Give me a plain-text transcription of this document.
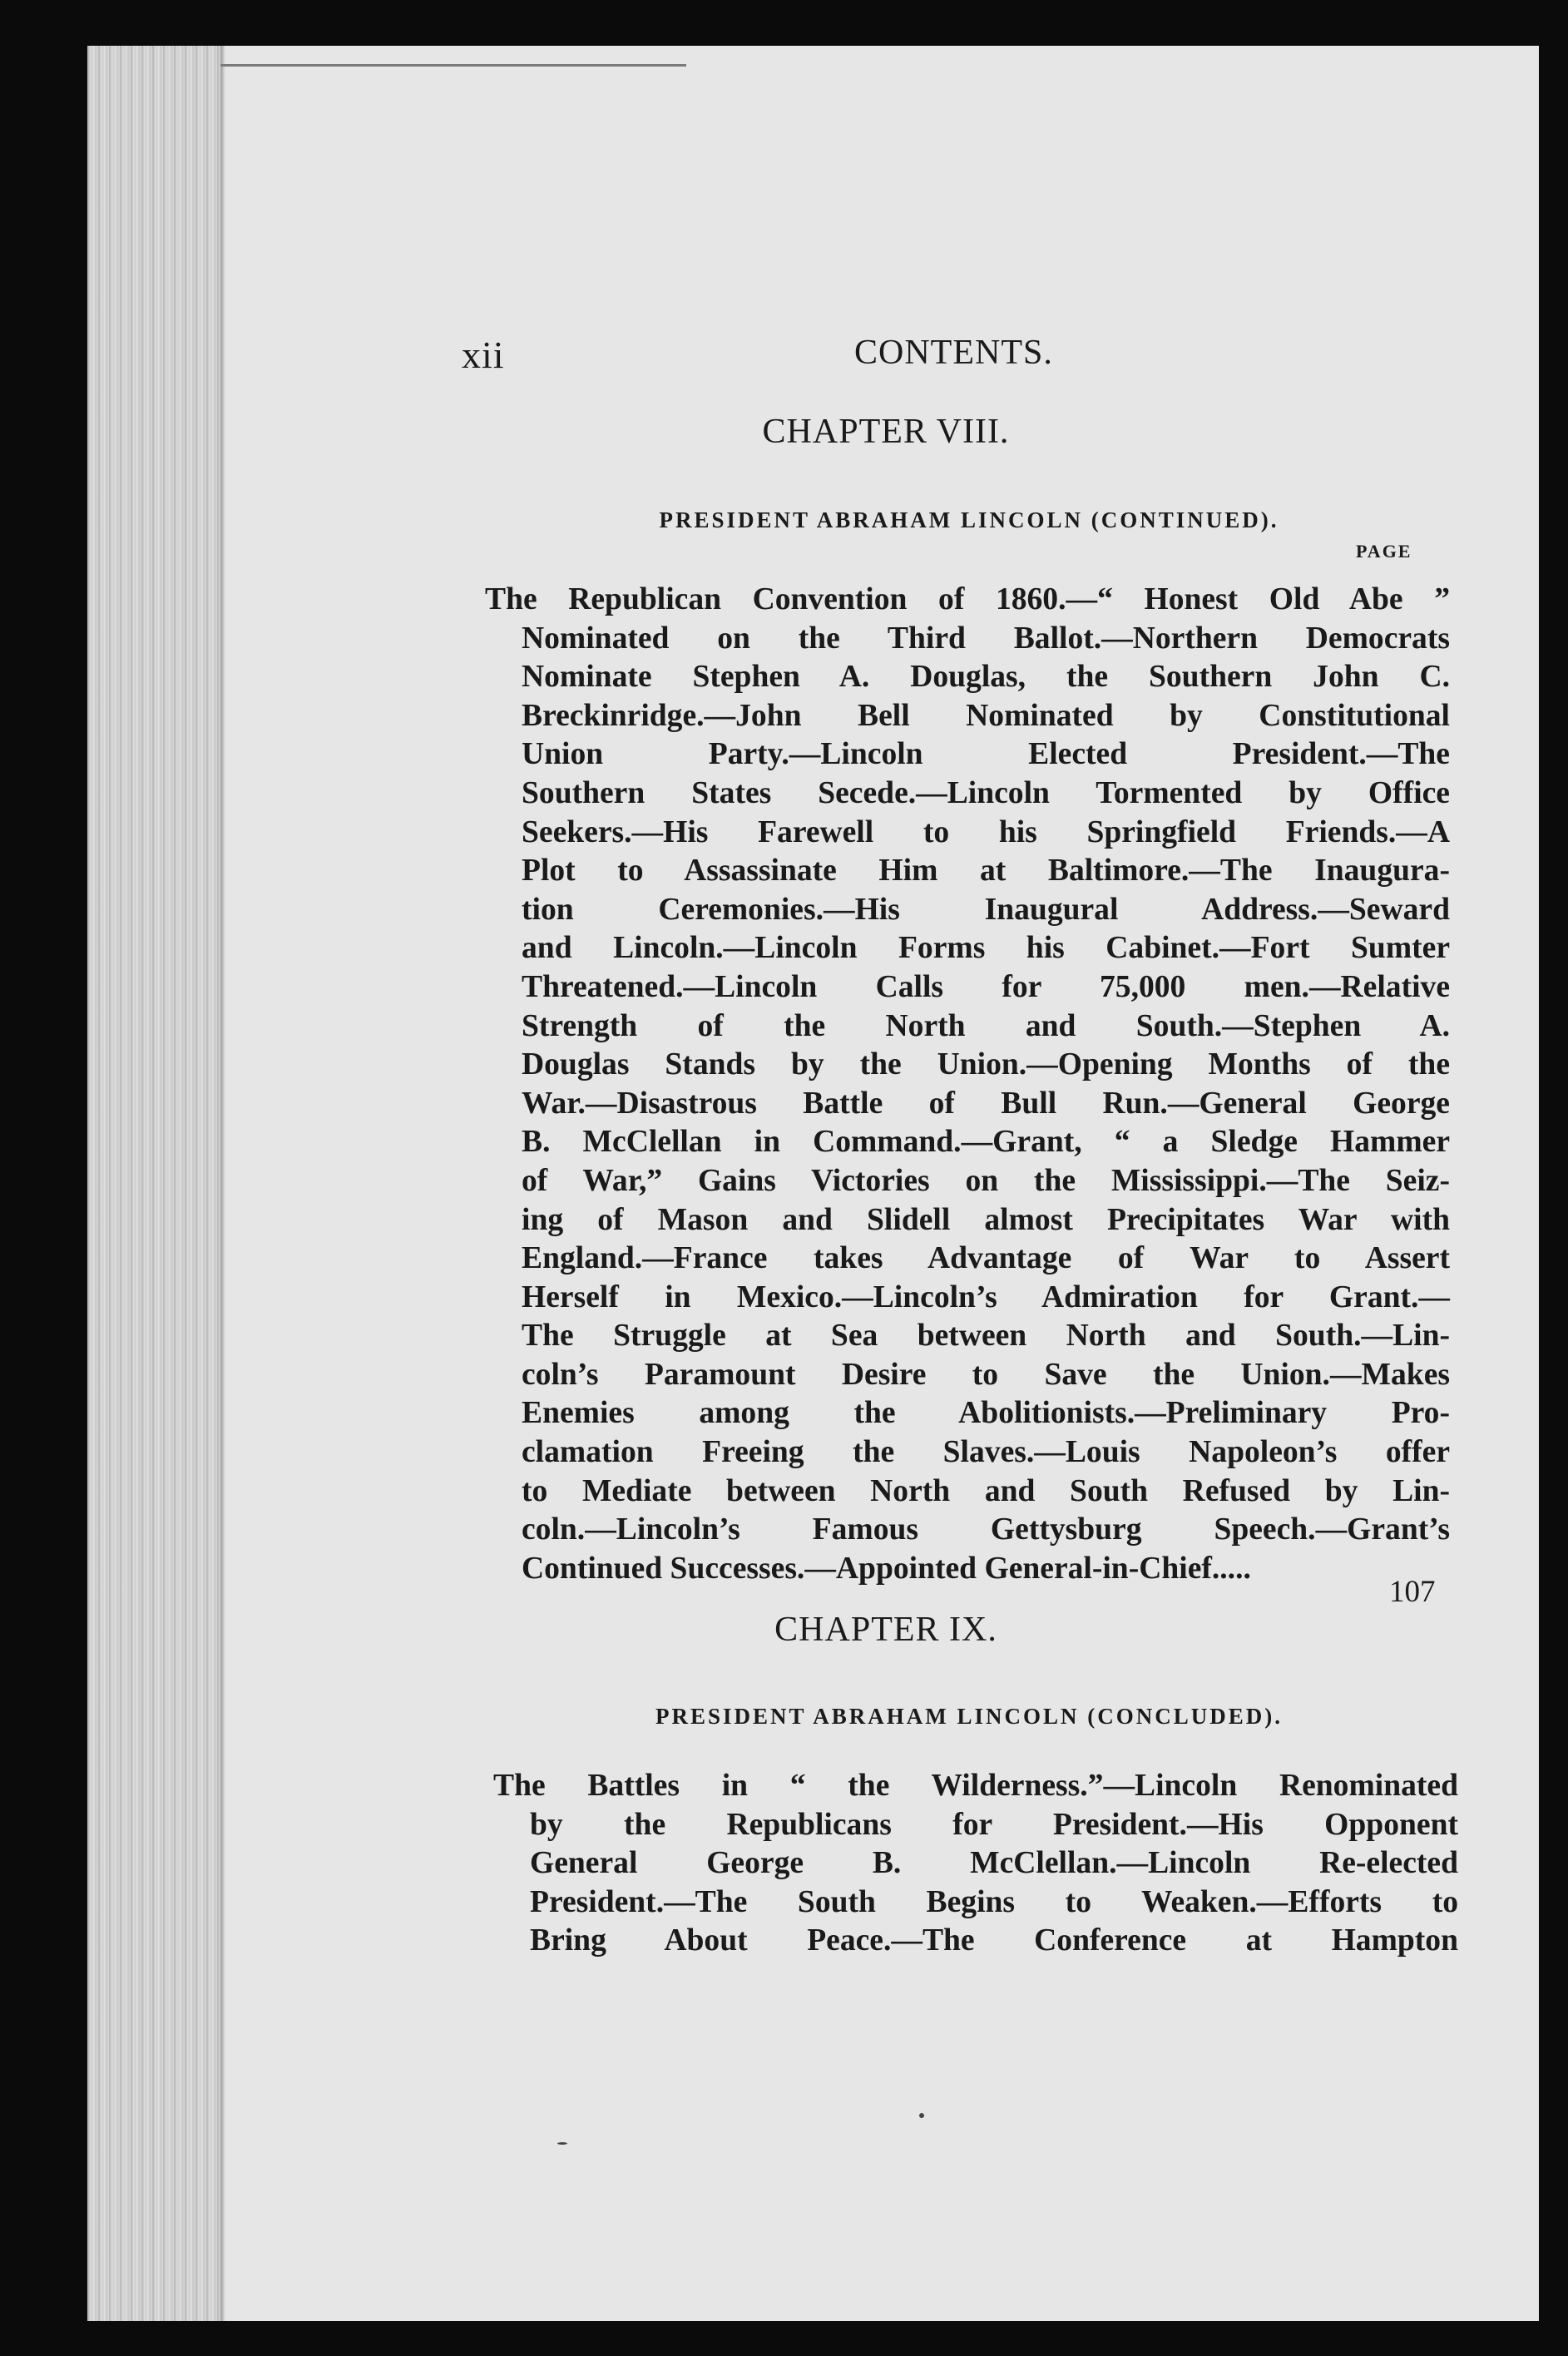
xii	CONTENTS.
CHAPTER VIII.
PRESIDENT ABRAHAM LINCOLN (CONTINUED).
PAGE
The Republican Convention of 1860.—“ Honest Old Abe ”
Nominated on the Third Ballot.—Northern Democrats
Nominate Stephen A. Douglas, the Southern John C.
Breckinridge.—John Bell Nominated by Constitutional
Union Party.—Lincoln Elected President.—The
Southern States Secede.—Lincoln Tormented by Office
Seekers.—His Farewell to his Springfield Friends.—A
Plot to Assassinate Him at Baltimore.—The Inaugura-
tion Ceremonies.—His Inaugural Address.—Seward
and Lincoln.—Lincoln Forms his Cabinet.—Fort Sumter
Threatened.—Lincoln Calls for 75,000 men.—Relative
Strength of the North and South.—Stephen A.
Douglas Stands by the Union.—Opening Months of the
War.—Disastrous Battle of Bull Run.—General George
B. McClellan in Command.—Grant, “ a Sledge Hammer
of War,” Gains Victories on the Mississippi.—The Seiz-
ing of Mason and Slidell almost Precipitates War with
England.—France takes Advantage of War to Assert
Herself in Mexico.—Lincoln’s Admiration for Grant.—
The Struggle at Sea between North and South.—Lin-
coln’s Paramount Desire to Save the Union.—Makes
Enemies among the Abolitionists.—Preliminary Pro-
clamation Freeing the Slaves.—Louis Napoleon’s offer
to Mediate between North and South Refused by Lin-
coln.—Lincoln’s Famous Gettysburg Speech.—Grant’s
Continued Successes.—Appointed General-in-Chief.....
107
CHAPTER IX.
PRESIDENT ABRAHAM LINCOLN (CONCLUDED).
The Battles in “ the Wilderness.”—Lincoln Renominated
by the Republicans for President.—His Opponent
General George B. McClellan.—Lincoln Re-elected
President.—The South Begins to Weaken.—Efforts to
Bring About Peace.—The Conference at Hampton
